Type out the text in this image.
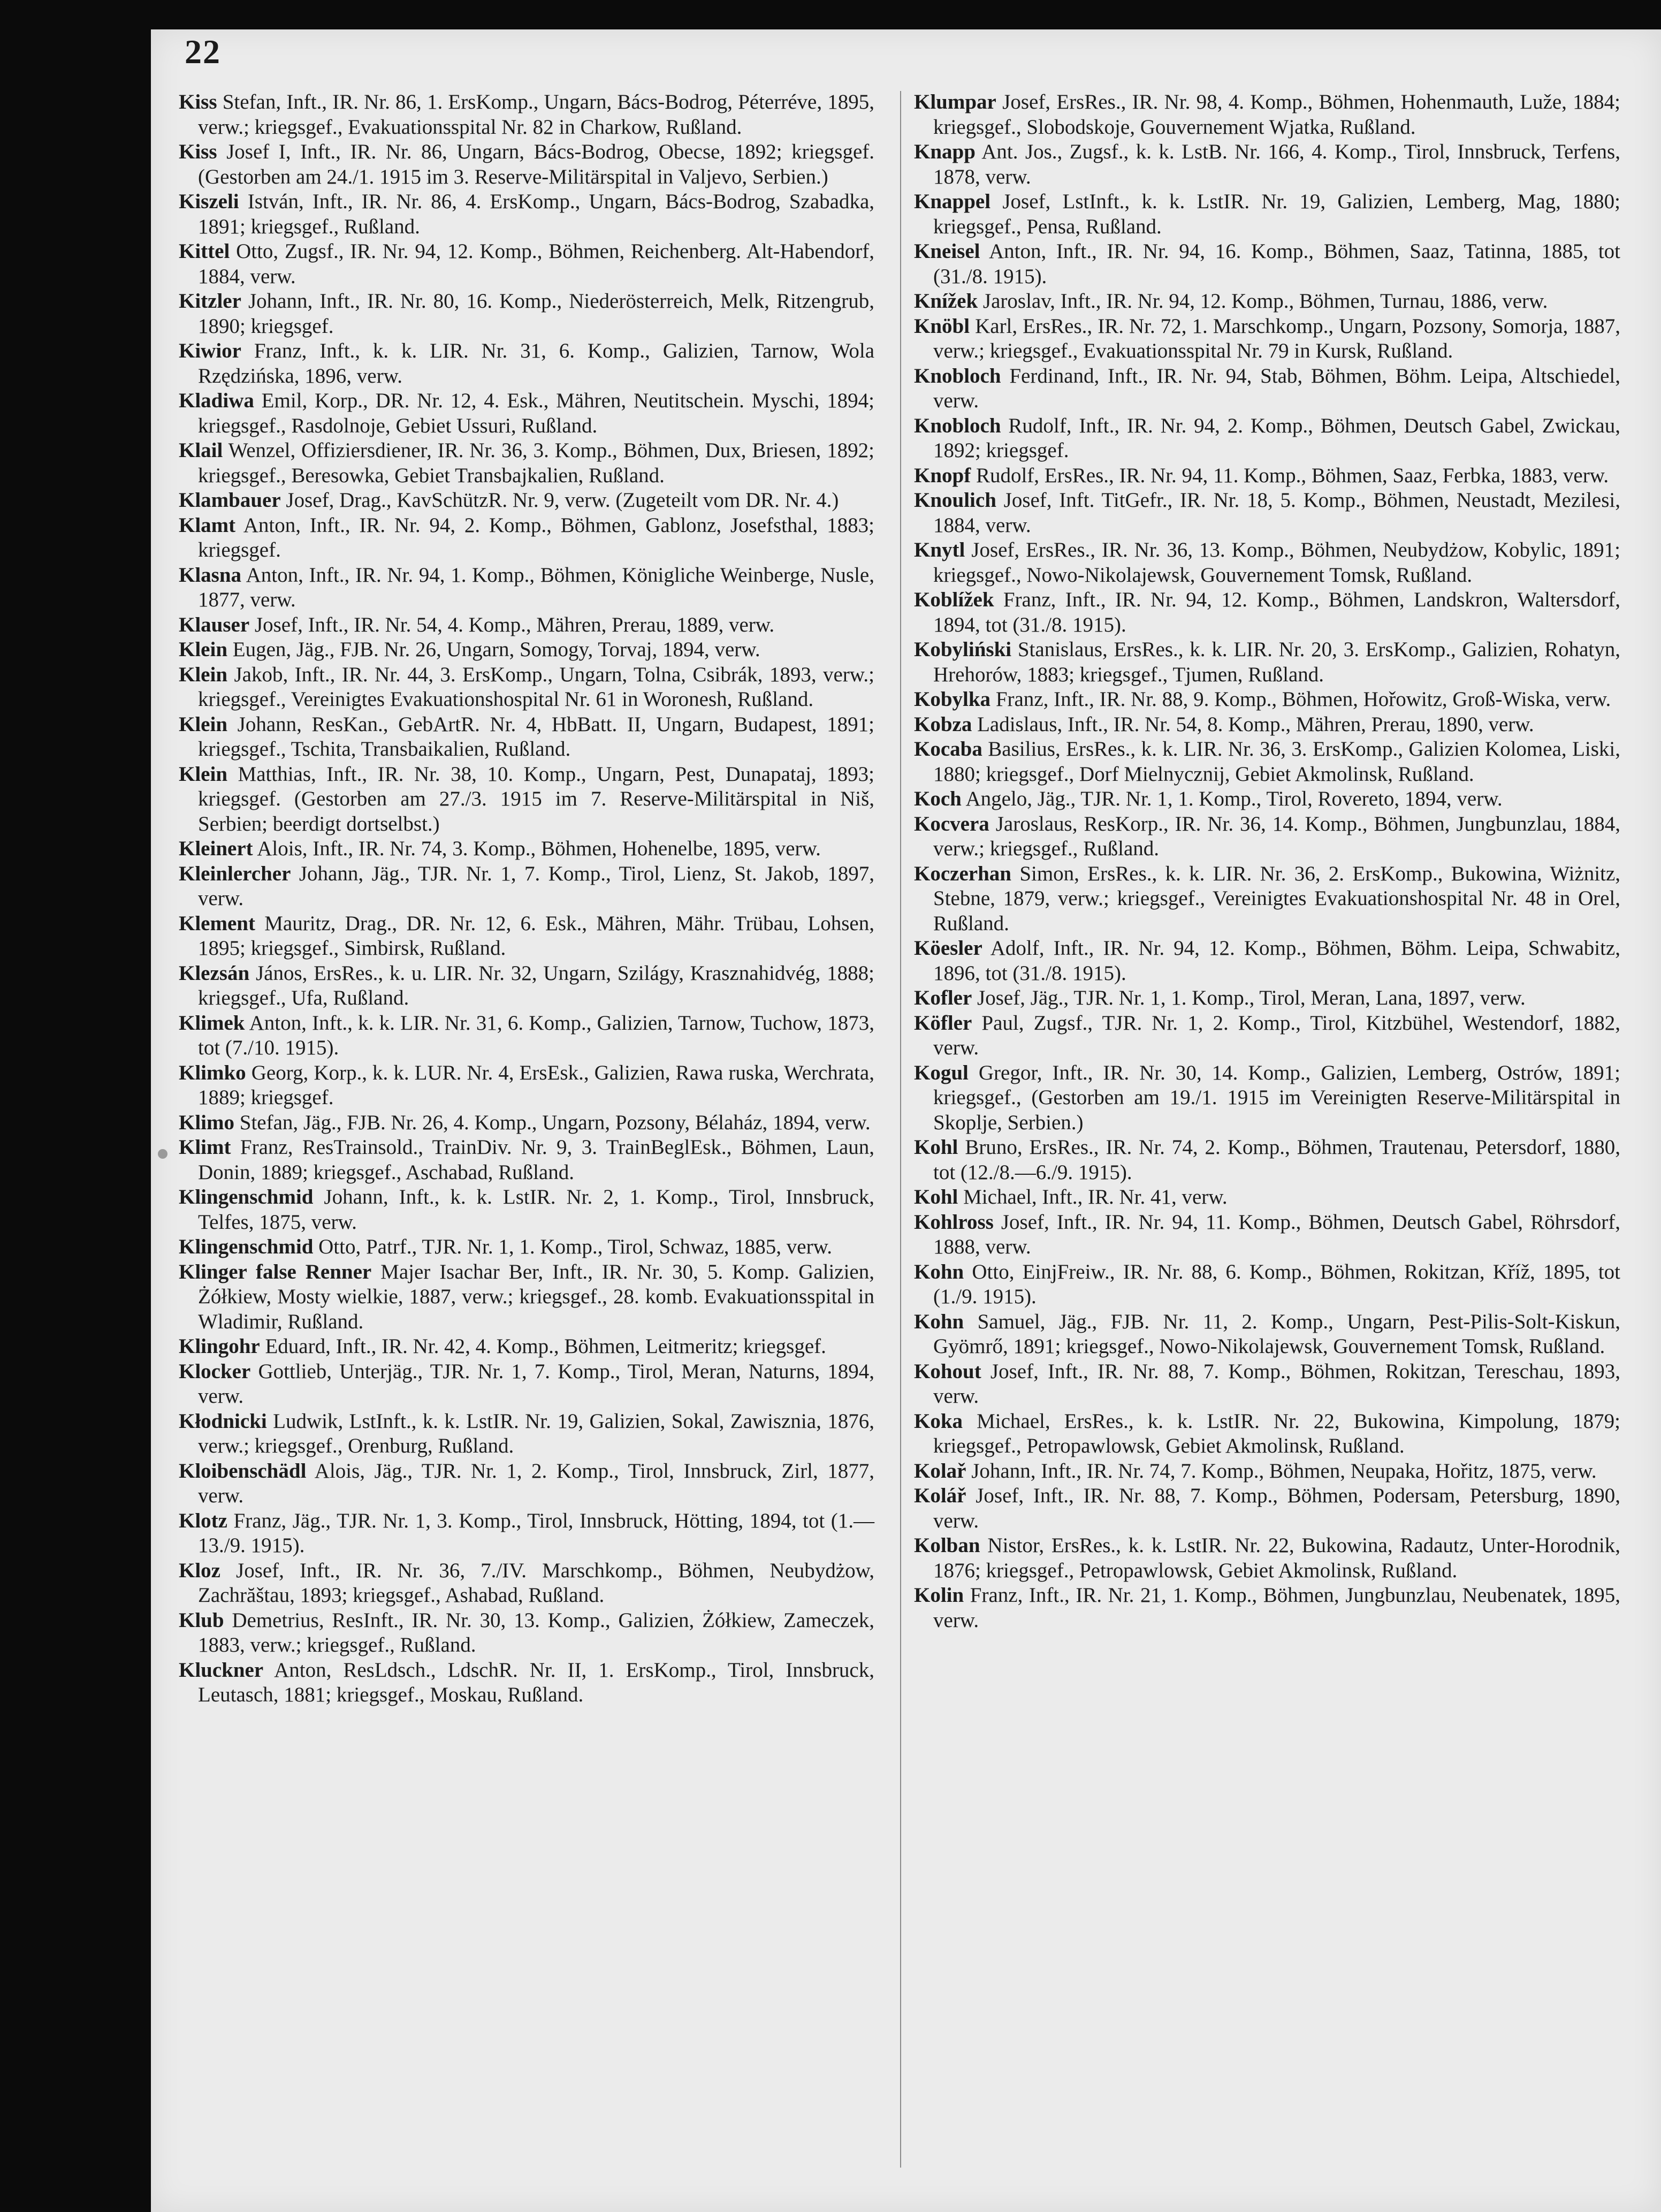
22
Kiss Stefan, Inft., IR. Nr. 86, 1. ErsKomp., Ungarn, Bács-Bodrog, Péterréve, 1895, verw.; kriegsgef., Evakuationsspital Nr. 82 in Charkow, Rußland.
Kiss Josef I, Inft., IR. Nr. 86, Ungarn, Bács-Bodrog, Obecse, 1892; kriegsgef. (Gestorben am 24./1. 1915 im 3. Reserve-Militärspital in Valjevo, Serbien.)
Kiszeli István, Inft., IR. Nr. 86, 4. ErsKomp., Ungarn, Bács-Bodrog, Szabadka, 1891; kriegsgef., Rußland.
Kittel Otto, Zugsf., IR. Nr. 94, 12. Komp., Böhmen, Reichenberg. Alt-Habendorf, 1884, verw.
Kitzler Johann, Inft., IR. Nr. 80, 16. Komp., Niederösterreich, Melk, Ritzengrub, 1890; kriegsgef.
Kiwior Franz, Inft., k. k. LIR. Nr. 31, 6. Komp., Galizien, Tarnow, Wola Rzędzińska, 1896, verw.
Kladiwa Emil, Korp., DR. Nr. 12, 4. Esk., Mähren, Neutitschein. Myschi, 1894; kriegsgef., Rasdolnoje, Gebiet Ussuri, Rußland.
Klail Wenzel, Offiziersdiener, IR. Nr. 36, 3. Komp., Böhmen, Dux, Briesen, 1892; kriegsgef., Beresowka, Gebiet Transbajkalien, Rußland.
Klambauer Josef, Drag., KavSchützR. Nr. 9, verw. (Zugeteilt vom DR. Nr. 4.)
Klamt Anton, Inft., IR. Nr. 94, 2. Komp., Böhmen, Gablonz, Josefsthal, 1883; kriegsgef.
Klasna Anton, Inft., IR. Nr. 94, 1. Komp., Böhmen, Königliche Weinberge, Nusle, 1877, verw.
Klauser Josef, Inft., IR. Nr. 54, 4. Komp., Mähren, Prerau, 1889, verw.
Klein Eugen, Jäg., FJB. Nr. 26, Ungarn, Somogy, Torvaj, 1894, verw.
Klein Jakob, Inft., IR. Nr. 44, 3. ErsKomp., Ungarn, Tolna, Csibrák, 1893, verw.; kriegsgef., Vereinigtes Evakuationshospital Nr. 61 in Woronesh, Rußland.
Klein Johann, ResKan., GebArtR. Nr. 4, HbBatt. II, Ungarn, Budapest, 1891; kriegsgef., Tschita, Transbaikalien, Rußland.
Klein Matthias, Inft., IR. Nr. 38, 10. Komp., Ungarn, Pest, Dunapataj, 1893; kriegsgef. (Gestorben am 27./3. 1915 im 7. Reserve-Militärspital in Niš, Serbien; beerdigt dortselbst.)
Kleinert Alois, Inft., IR. Nr. 74, 3. Komp., Böhmen, Hohenelbe, 1895, verw.
Kleinlercher Johann, Jäg., TJR. Nr. 1, 7. Komp., Tirol, Lienz, St. Jakob, 1897, verw.
Klement Mauritz, Drag., DR. Nr. 12, 6. Esk., Mähren, Mähr. Trübau, Lohsen, 1895; kriegsgef., Simbirsk, Rußland.
Klezsán János, ErsRes., k. u. LIR. Nr. 32, Ungarn, Szilágy, Krasznahidvég, 1888; kriegsgef., Ufa, Rußland.
Klimek Anton, Inft., k. k. LIR. Nr. 31, 6. Komp., Galizien, Tarnow, Tuchow, 1873, tot (7./10. 1915).
Klimko Georg, Korp., k. k. LUR. Nr. 4, ErsEsk., Galizien, Rawa ruska, Werchrata, 1889; kriegsgef.
Klimo Stefan, Jäg., FJB. Nr. 26, 4. Komp., Ungarn, Pozsony, Bélaház, 1894, verw.
Klimt Franz, ResTrainsold., TrainDiv. Nr. 9, 3. TrainBeglEsk., Böhmen, Laun, Donin, 1889; kriegsgef., Aschabad, Rußland.
Klingenschmid Johann, Inft., k. k. LstIR. Nr. 2, 1. Komp., Tirol, Innsbruck, Telfes, 1875, verw.
Klingenschmid Otto, Patrf., TJR. Nr. 1, 1. Komp., Tirol, Schwaz, 1885, verw.
Klinger false Renner Majer Isachar Ber, Inft., IR. Nr. 30, 5. Komp. Galizien, Żółkiew, Mosty wielkie, 1887, verw.; kriegsgef., 28. komb. Evakuationsspital in Wladimir, Rußland.
Klingohr Eduard, Inft., IR. Nr. 42, 4. Komp., Böhmen, Leitmeritz; kriegsgef.
Klocker Gottlieb, Unterjäg., TJR. Nr. 1, 7. Komp., Tirol, Meran, Naturns, 1894, verw.
Kłodnicki Ludwik, LstInft., k. k. LstIR. Nr. 19, Galizien, Sokal, Zawisznia, 1876, verw.; kriegsgef., Orenburg, Rußland.
Kloibenschädl Alois, Jäg., TJR. Nr. 1, 2. Komp., Tirol, Innsbruck, Zirl, 1877, verw.
Klotz Franz, Jäg., TJR. Nr. 1, 3. Komp., Tirol, Innsbruck, Hötting, 1894, tot (1.—13./9. 1915).
Kloz Josef, Inft., IR. Nr. 36, 7./IV. Marschkomp., Böhmen, Neubydżow, Zachrăštau, 1893; kriegsgef., Ashabad, Rußland.
Klub Demetrius, ResInft., IR. Nr. 30, 13. Komp., Galizien, Żółkiew, Zameczek, 1883, verw.; kriegsgef., Rußland.
Kluckner Anton, ResLdsch., LdschR. Nr. II, 1. ErsKomp., Tirol, Innsbruck, Leutasch, 1881; kriegsgef., Moskau, Rußland.
Klumpar Josef, ErsRes., IR. Nr. 98, 4. Komp., Böhmen, Hohenmauth, Luže, 1884; kriegsgef., Slobodskoje, Gouvernement Wjatka, Rußland.
Knapp Ant. Jos., Zugsf., k. k. LstB. Nr. 166, 4. Komp., Tirol, Innsbruck, Terfens, 1878, verw.
Knappel Josef, LstInft., k. k. LstIR. Nr. 19, Galizien, Lemberg, Mag, 1880; kriegsgef., Pensa, Rußland.
Kneisel Anton, Inft., IR. Nr. 94, 16. Komp., Böhmen, Saaz, Tatinna, 1885, tot (31./8. 1915).
Knížek Jaroslav, Inft., IR. Nr. 94, 12. Komp., Böhmen, Turnau, 1886, verw.
Knöbl Karl, ErsRes., IR. Nr. 72, 1. Marschkomp., Ungarn, Pozsony, Somorja, 1887, verw.; kriegsgef., Evakuationsspital Nr. 79 in Kursk, Rußland.
Knobloch Ferdinand, Inft., IR. Nr. 94, Stab, Böhmen, Böhm. Leipa, Altschiedel, verw.
Knobloch Rudolf, Inft., IR. Nr. 94, 2. Komp., Böhmen, Deutsch Gabel, Zwickau, 1892; kriegsgef.
Knopf Rudolf, ErsRes., IR. Nr. 94, 11. Komp., Böhmen, Saaz, Ferbka, 1883, verw.
Knoulich Josef, Inft. TitGefr., IR. Nr. 18, 5. Komp., Böhmen, Neustadt, Mezilesi, 1884, verw.
Knytl Josef, ErsRes., IR. Nr. 36, 13. Komp., Böhmen, Neubydżow, Kobylic, 1891; kriegsgef., Nowo-Nikolajewsk, Gouvernement Tomsk, Rußland.
Koblížek Franz, Inft., IR. Nr. 94, 12. Komp., Böhmen, Landskron, Waltersdorf, 1894, tot (31./8. 1915).
Kobyliński Stanislaus, ErsRes., k. k. LIR. Nr. 20, 3. ErsKomp., Galizien, Rohatyn, Hrehorów, 1883; kriegsgef., Tjumen, Rußland.
Kobylka Franz, Inft., IR. Nr. 88, 9. Komp., Böhmen, Hořowitz, Groß-Wiska, verw.
Kobza Ladislaus, Inft., IR. Nr. 54, 8. Komp., Mähren, Prerau, 1890, verw.
Kocaba Basilius, ErsRes., k. k. LIR. Nr. 36, 3. ErsKomp., Galizien Kolomea, Liski, 1880; kriegsgef., Dorf Mielnycznij, Gebiet Akmolinsk, Rußland.
Koch Angelo, Jäg., TJR. Nr. 1, 1. Komp., Tirol, Rovereto, 1894, verw.
Kocvera Jaroslaus, ResKorp., IR. Nr. 36, 14. Komp., Böhmen, Jungbunzlau, 1884, verw.; kriegsgef., Rußland.
Koczerhan Simon, ErsRes., k. k. LIR. Nr. 36, 2. ErsKomp., Bukowina, Wiżnitz, Stebne, 1879, verw.; kriegsgef., Vereinigtes Evakuationshospital Nr. 48 in Orel, Rußland.
Köesler Adolf, Inft., IR. Nr. 94, 12. Komp., Böhmen, Böhm. Leipa, Schwabitz, 1896, tot (31./8. 1915).
Kofler Josef, Jäg., TJR. Nr. 1, 1. Komp., Tirol, Meran, Lana, 1897, verw.
Köfler Paul, Zugsf., TJR. Nr. 1, 2. Komp., Tirol, Kitzbühel, Westendorf, 1882, verw.
Kogul Gregor, Inft., IR. Nr. 30, 14. Komp., Galizien, Lemberg, Ostrów, 1891; kriegsgef., (Gestorben am 19./1. 1915 im Vereinigten Reserve-Militärspital in Skoplje, Serbien.)
Kohl Bruno, ErsRes., IR. Nr. 74, 2. Komp., Böhmen, Trautenau, Petersdorf, 1880, tot (12./8.—6./9. 1915).
Kohl Michael, Inft., IR. Nr. 41, verw.
Kohlross Josef, Inft., IR. Nr. 94, 11. Komp., Böhmen, Deutsch Gabel, Röhrsdorf, 1888, verw.
Kohn Otto, EinjFreiw., IR. Nr. 88, 6. Komp., Böhmen, Rokitzan, Kříž, 1895, tot (1./9. 1915).
Kohn Samuel, Jäg., FJB. Nr. 11, 2. Komp., Ungarn, Pest-Pilis-Solt-Kiskun, Gyömrő, 1891; kriegsgef., Nowo-Nikolajewsk, Gouvernement Tomsk, Rußland.
Kohout Josef, Inft., IR. Nr. 88, 7. Komp., Böhmen, Rokitzan, Tereschau, 1893, verw.
Koka Michael, ErsRes., k. k. LstIR. Nr. 22, Bukowina, Kimpolung, 1879; kriegsgef., Petropawlowsk, Gebiet Akmolinsk, Rußland.
Kolař Johann, Inft., IR. Nr. 74, 7. Komp., Böhmen, Neupaka, Hořitz, 1875, verw.
Kolář Josef, Inft., IR. Nr. 88, 7. Komp., Böhmen, Podersam, Petersburg, 1890, verw.
Kolban Nistor, ErsRes., k. k. LstIR. Nr. 22, Bukowina, Radautz, Unter-Horodnik, 1876; kriegsgef., Petropawlowsk, Gebiet Akmolinsk, Rußland.
Kolin Franz, Inft., IR. Nr. 21, 1. Komp., Böhmen, Jungbunzlau, Neubenatek, 1895, verw.
